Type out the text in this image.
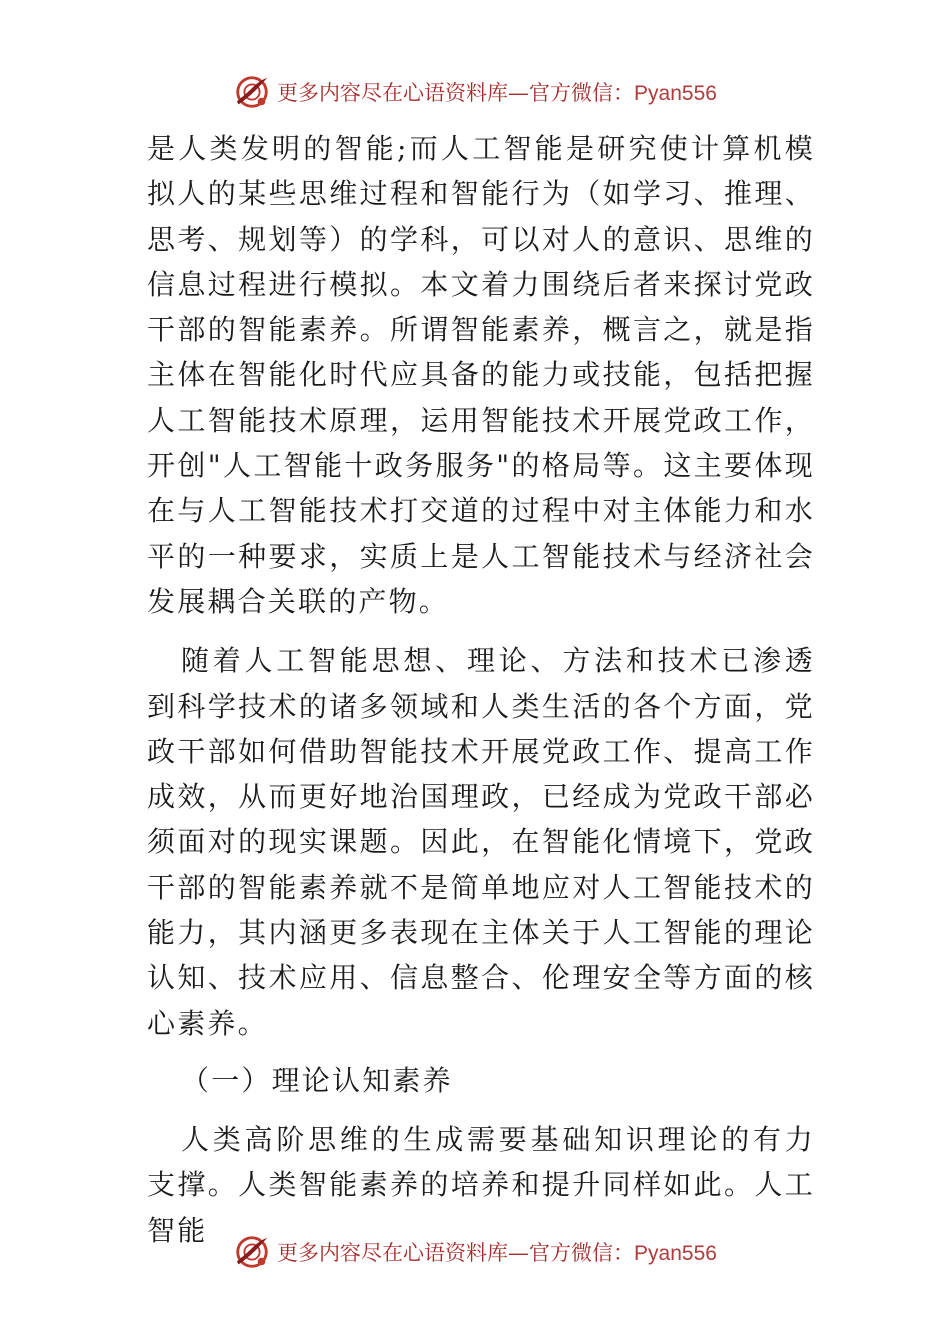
更多内容尽在心语资料库—官方微信：Pyan556

是人类发明的智能;而人工智能是研究使计算机模拟人的某些思维过程和智能行为（如学习、推理、思考、规划等）的学科，可以对人的意识、思维的信息过程进行模拟。本文着力围绕后者来探讨党政干部的智能素养。所谓智能素养，概言之，就是指主体在智能化时代应具备的能力或技能，包括把握人工智能技术原理，运用智能技术开展党政工作，开创"人工智能十政务服务"的格局等。这主要体现在与人工智能技术打交道的过程中对主体能力和水平的一种要求，实质上是人工智能技术与经济社会发展耦合关联的产物。

随着人工智能思想、理论、方法和技术已渗透到科学技术的诸多领域和人类生活的各个方面，党政干部如何借助智能技术开展党政工作、提高工作成效，从而更好地治国理政，已经成为党政干部必须面对的现实课题。因此，在智能化情境下，党政干部的智能素养就不是简单地应对人工智能技术的能力，其内涵更多表现在主体关于人工智能的理论认知、技术应用、信息整合、伦理安全等方面的核心素养。

（一）理论认知素养

人类高阶思维的生成需要基础知识理论的有力支撑。人类智能素养的培养和提升同样如此。人工智能

更多内容尽在心语资料库—官方微信：Pyan556
